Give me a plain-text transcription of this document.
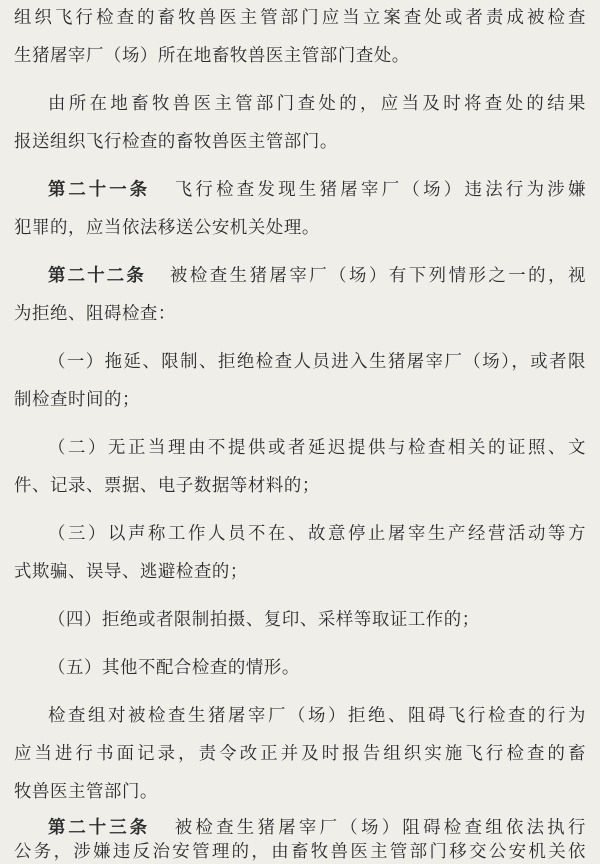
组织飞行检查的畜牧兽医主管部门应当立案查处或者责成被检查
生猪屠宰厂（场）所在地畜牧兽医主管部门查处。
由所在地畜牧兽医主管部门查处的，应当及时将查处的结果
报送组织飞行检查的畜牧兽医主管部门。
第二十一条 飞行检查发现生猪屠宰厂（场）违法行为涉嫌
犯罪的，应当依法移送公安机关处理。
第二十二条 被检查生猪屠宰厂（场）有下列情形之一的，视
为拒绝、阻碍检查：
（一）拖延、限制、拒绝检查人员进入生猪屠宰厂（场），或者限
制检查时间的；
（二）无正当理由不提供或者延迟提供与检查相关的证照、文
件、记录、票据、电子数据等材料的；
（三）以声称工作人员不在、故意停止屠宰生产经营活动等方
式欺骗、误导、逃避检查的；
（四）拒绝或者限制拍摄、复印、采样等取证工作的；
（五）其他不配合检查的情形。
检查组对被检查生猪屠宰厂（场）拒绝、阻碍飞行检查的行为
应当进行书面记录，责令改正并及时报告组织实施飞行检查的畜
牧兽医主管部门。
第二十三条 被检查生猪屠宰厂（场）阻碍检查组依法执行
公务，涉嫌违反治安管理的，由畜牧兽医主管部门移交公安机关依
